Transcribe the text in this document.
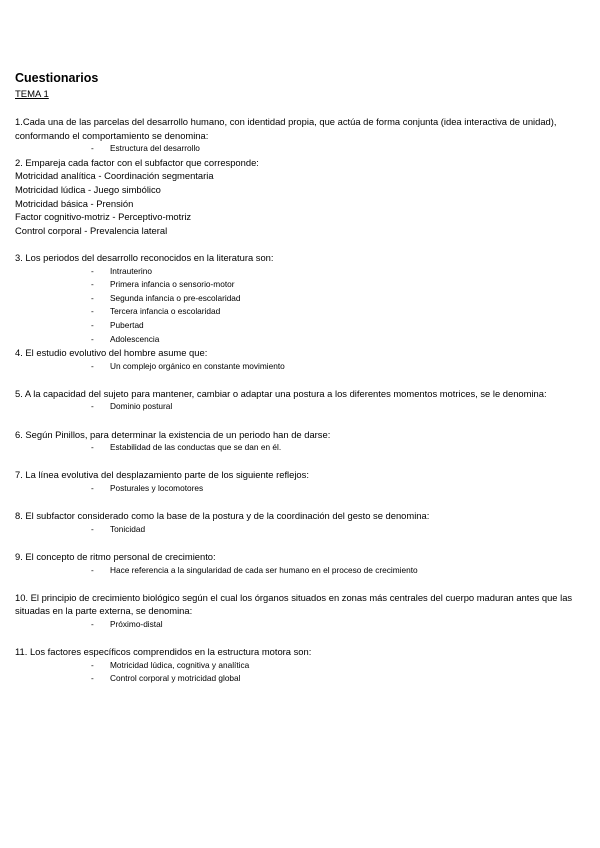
Cuestionarios
TEMA 1
1.Cada una de las parcelas del desarrollo humano, con identidad propia, que actúa de forma conjunta (idea interactiva de unidad), conformando el comportamiento se denomina:
- Estructura del desarrollo
2. Empareja cada factor con el subfactor que corresponde:
Motricidad analítica - Coordinación segmentaria
Motricidad lúdica - Juego simbólico
Motricidad básica - Prensión
Factor cognitivo-motriz - Perceptivo-motriz
Control corporal - Prevalencia lateral
3. Los periodos del desarrollo reconocidos en la literatura son:
- Intrauterino
- Primera infancia o sensorio-motor
- Segunda infancia o pre-escolaridad
- Tercera infancia o escolaridad
- Pubertad
- Adolescencia
4. El estudio evolutivo del hombre asume que:
- Un complejo orgánico en constante movimiento
5. A la capacidad del sujeto para mantener, cambiar o adaptar una postura a los diferentes momentos motrices, se le denomina:
- Dominio postural
6. Según Pinillos, para determinar la existencia de un periodo han de darse:
- Estabilidad de las conductas que se dan en él.
7. La línea evolutiva del desplazamiento parte de los siguiente reflejos:
- Posturales y locomotores
8. El subfactor considerado como la base de la postura y de la coordinación del gesto se denomina:
- Tonicidad
9. El concepto de ritmo personal de crecimiento:
- Hace referencia a la singularidad de cada ser humano en el proceso de crecimiento
10. El principio de crecimiento biológico según el cual los órganos situados en zonas más centrales del cuerpo maduran antes que las situadas en la parte externa, se denomina:
- Próximo-distal
11. Los factores específicos comprendidos en la estructura motora son:
- Motricidad lúdica, cognitiva y analítica
- Control corporal y motricidad global
